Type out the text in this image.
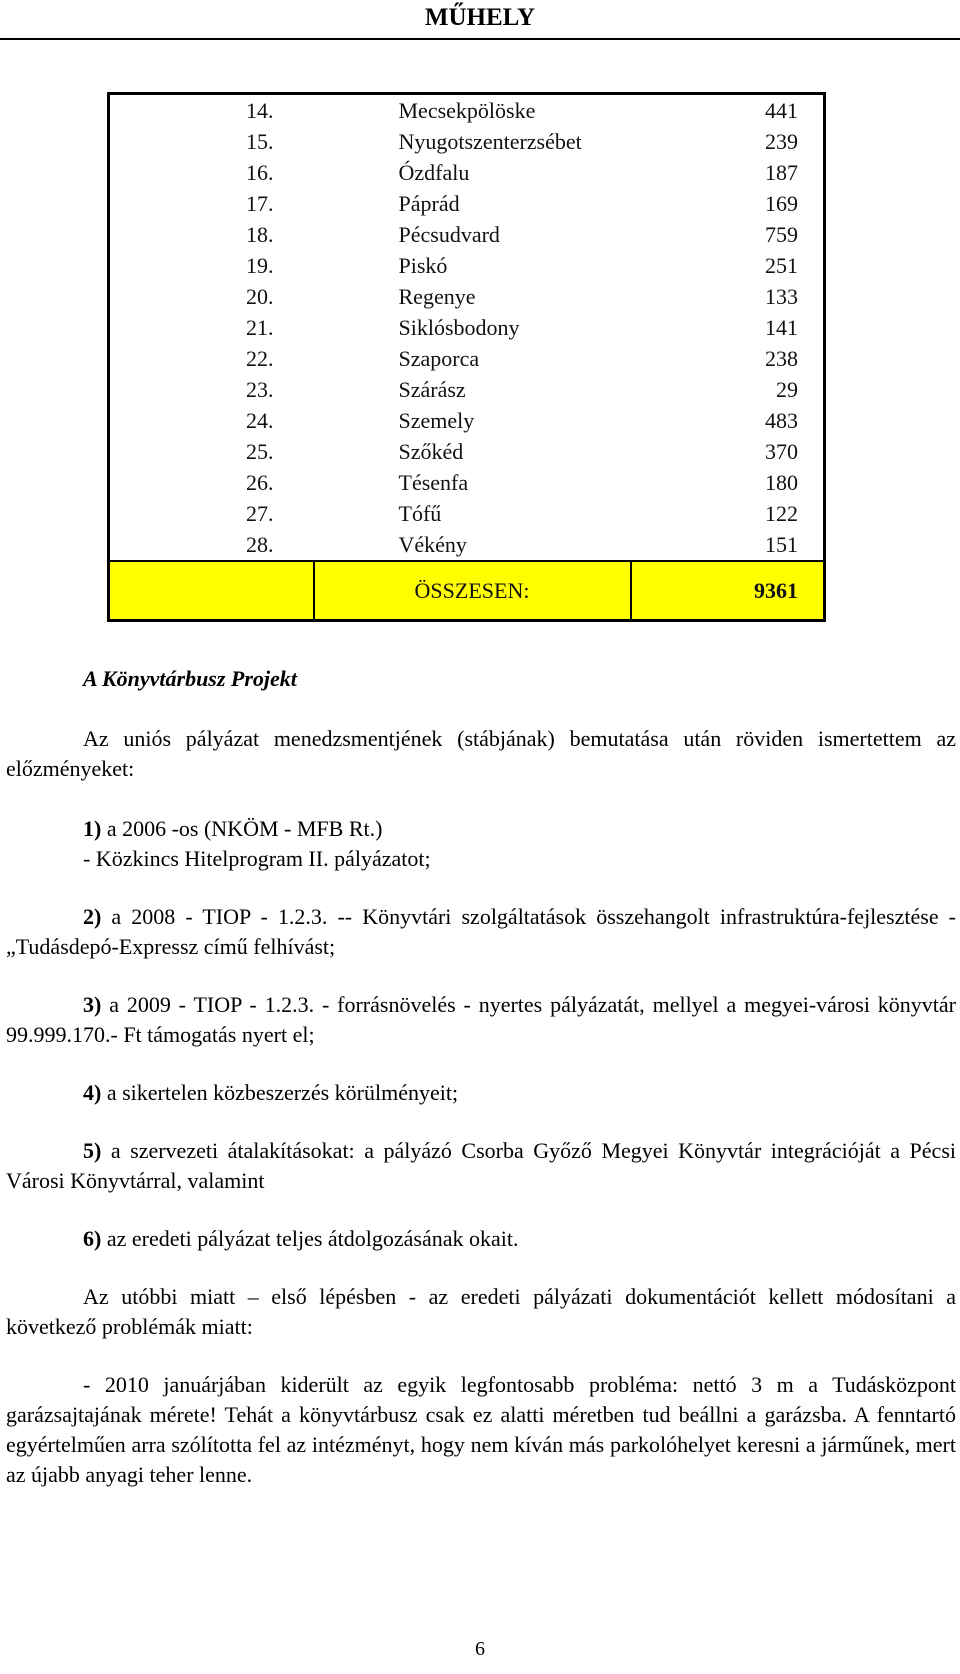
MŰHELY
14.	Mecsekpölöske	441
15.	Nyugotszenterzsébet	239
16.	Ózdfalu	187
17.	Páprád	169
18.	Pécsudvard	759
19.	Piskó	251
20.	Regenye	133
21.	Siklósbodony	141
22.	Szaporca	238
23.	Szárász	29
24.	Szemely	483
25.	Szőkéd	370
26.	Tésenfa	180
27.	Tófű	122
28.	Vékény	151
	ÖSSZESEN:	9361

A Könyvtárbusz Projekt

Az uniós pályázat menedzsmentjének (stábjának) bemutatása után röviden ismertettem az előzményeket:

1) a 2006 -os (NKÖM - MFB Rt.)

- Közkincs Hitelprogram II. pályázatot;

2) a 2008 - TIOP - 1.2.3. -- Könyvtári szolgáltatások összehangolt infrastruktúra-fejlesztése - „Tudásdepó-Expressz című felhívást;

3) a 2009 - TIOP - 1.2.3. - forrásnövelés - nyertes pályázatát, mellyel a megyei-városi könyvtár 99.999.170.- Ft támogatás nyert el;

4) a sikertelen közbeszerzés körülményeit;

5) a szervezeti átalakításokat: a pályázó Csorba Győző Megyei Könyvtár integrációját a Pécsi Városi Könyvtárral, valamint

6) az eredeti pályázat teljes átdolgozásának okait.

Az utóbbi miatt – első lépésben - az eredeti pályázati dokumentációt kellett módosítani a következő problémák miatt:

- 2010 januárjában kiderült az egyik legfontosabb probléma: nettó 3 m a Tudásközpont garázsajtajának mérete! Tehát a könyvtárbusz csak ez alatti méretben tud beállni a garázsba. A fenntartó egyértelműen arra szólította fel az intézményt, hogy nem kíván más parkolóhelyet keresni a járműnek, mert az újabb anyagi teher lenne.

6
